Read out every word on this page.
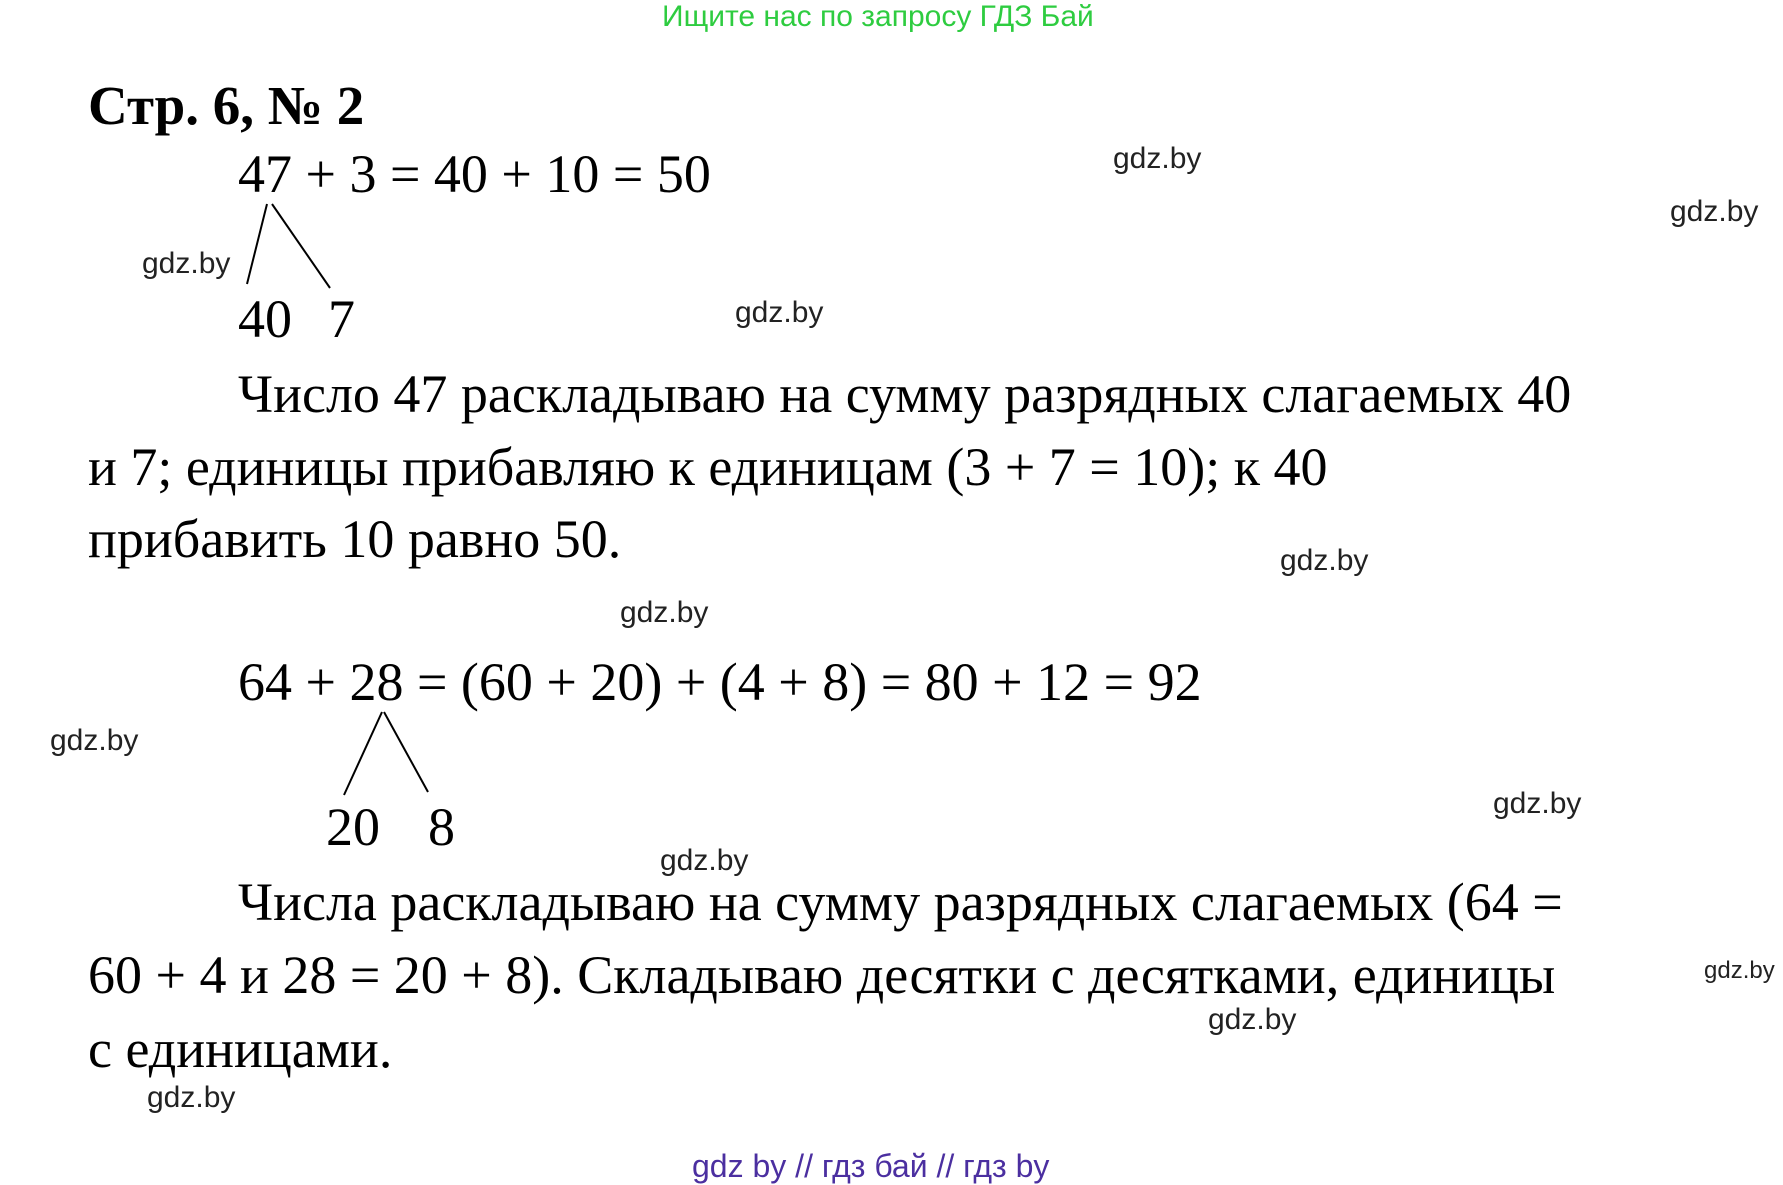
Ищите нас по запросу ГДЗ Бай
Стр. 6, № 2
47 + 3 = 40 + 10 = 50
40 7
Число 47 раскладываю на сумму разрядных слагаемых 40
и 7; единицы прибавляю к единицам (3 + 7 = 10); к 40
прибавить 10 равно 50.
64 + 28 = (60 + 20) + (4 + 8) = 80 + 12 = 92
20 8
Числа раскладываю на сумму разрядных слагаемых (64 =
60 + 4 и 28 = 20 + 8). Складываю десятки с десятками, единицы
с единицами.
gdz.by
gdz.by
gdz.by
gdz.by
gdz.by
gdz.by
gdz.by
gdz.by
gdz.by
gdz.by
gdz.by
gdz.by
gdz by // гдз бай // гдз by
